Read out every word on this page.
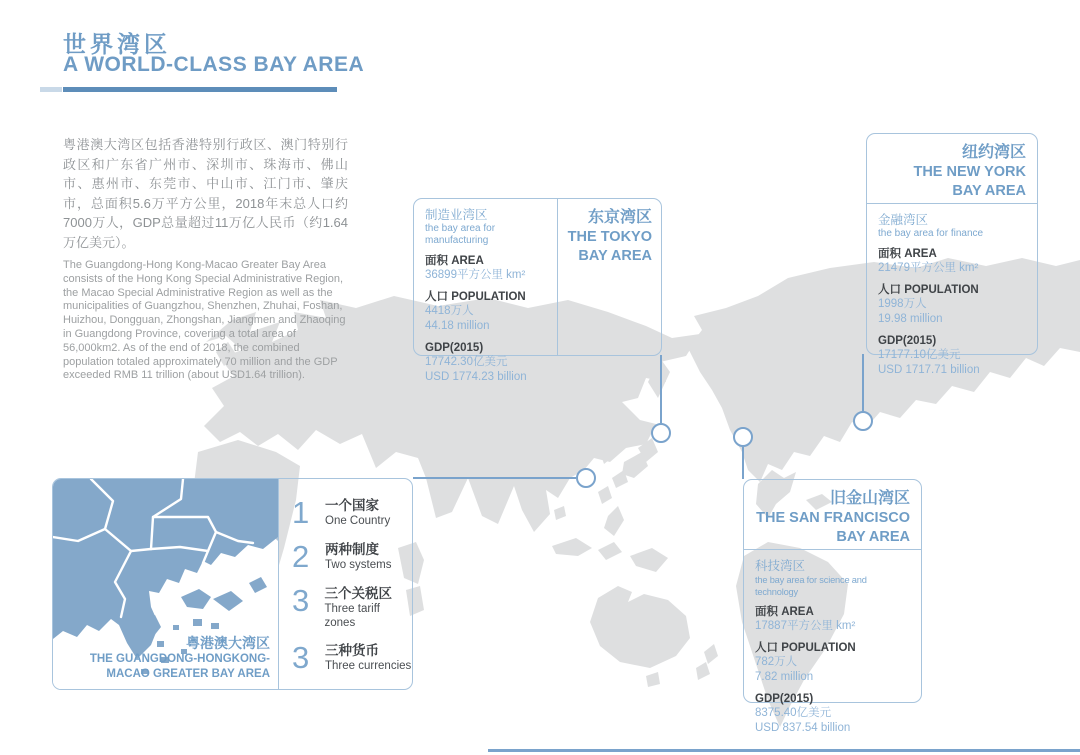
世界湾区
A WORLD-CLASS BAY AREA
粤港澳大湾区包括香港特别行政区、澳门特别行政区和广东省广州市、深圳市、珠海市、佛山市、惠州市、东莞市、中山市、江门市、肇庆市，总面积5.6万平方公里，2018年末总人口约7000万人，GDP总量超过11万亿人民币（约1.64万亿美元）。
The Guangdong-Hong Kong-Macao Greater Bay Area consists of the Hong Kong Special Administrative Region, the Macao Special Administrative Region as well as the municipalities of Guangzhou, Shenzhen, Zhuhai, Foshan, Huizhou, Dongguan, Zhongshan, Jiangmen and Zhaoqing in Guangdong Province, covering a total area of 56,000km2. As of the end of 2018, the combined population totaled approximately 70 million and the GDP exceeded RMB 11 trillion (about USD1.64 trillion).
制造业湾区
the bay area for manufacturing
面积 AREA
36899平方公里 km²
人口 POPULATION
4418万人
44.18 million
GDP(2015)
17742.30亿美元
USD 1774.23 billion
东京湾区
THE TOKYO
BAY AREA
纽约湾区
THE NEW YORK
BAY AREA
金融湾区
the bay area for finance
面积 AREA
21479平方公里 km²
人口 POPULATION
1998万人
19.98 million
GDP(2015)
17177.10亿美元
USD 1717.71 billion
旧金山湾区
THE SAN FRANCISCO
BAY AREA
科技湾区
the bay area for science and technology
面积 AREA
17887平方公里 km²
人口 POPULATION
782万人
7.82 million
GDP(2015)
8375.40亿美元
USD 837.54 billion
粤港澳大湾区
THE GUANGDONG-HONGKONG-
MACAO GREATER BAY AREA
1	一个国家
One Country
2	两种制度
Two systems
3	三个关税区
Three tariff zones
3	三种货币
Three currencies
